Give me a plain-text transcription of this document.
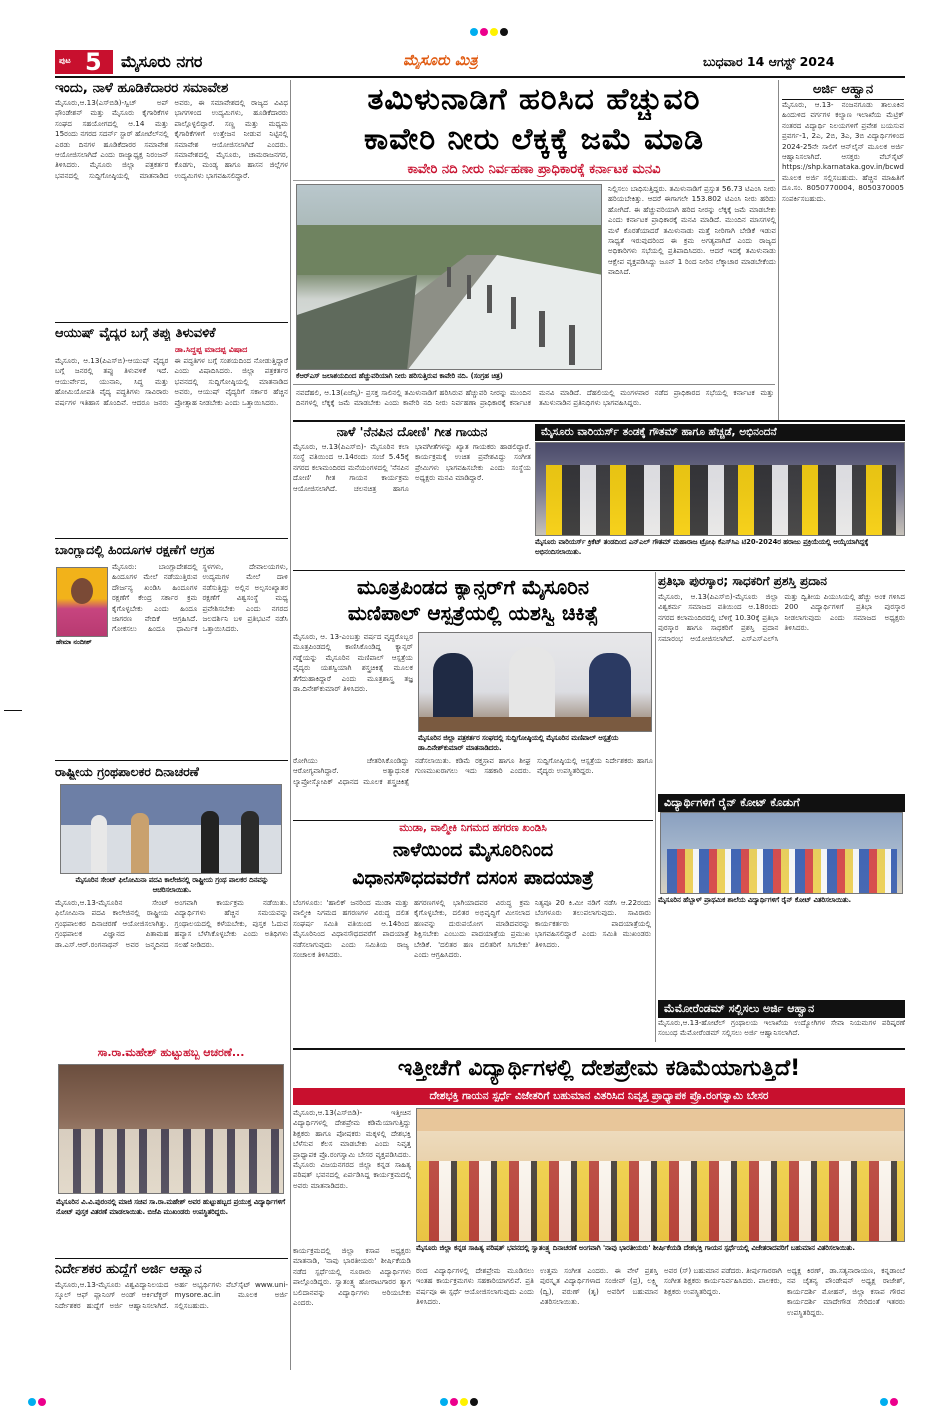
ಪುಟ 5 ಮೈಸೂರು ನಗರ	ಮೈಸೂರು ಮಿತ್ರ	ಬುಧವಾರ 14 ಆಗಸ್ಟ್ 2024
ತಮಿಳುನಾಡಿಗೆ ಹರಿಸಿದ ಹೆಚ್ಚುವರಿ
ಕಾವೇರಿ ನೀರು ಲೆಕ್ಕಕ್ಕೆ ಜಮೆ ಮಾಡಿ
ಕಾವೇರಿ ನದಿ ನೀರು ನಿರ್ವಹಣಾ ಪ್ರಾಧಿಕಾರಕ್ಕೆ ಕರ್ನಾಟಕ ಮನವಿ
ಕೆಆರ್‌ಎಸ್ ಜಲಾಶಯದಿಂದ ಹೆಚ್ಚುವರಿಯಾಗಿ ನೀರು ಹರಿಸುತ್ತಿರುವ ಕಾವೇರಿ ನದಿ. (ಸಂಗ್ರಹ ಚಿತ್ರ)
ನಿಲ್ಲಿಸಲು ಬಾಧಿಸುತ್ತಿದ್ದರು. ತಮಿಳುನಾಡಿಗೆ ಪ್ರಸ್ತುತ 56.73 ಟಿಎಂಸಿ ನೀರು ಹರಿಯಬೇಕಿತ್ತು. ಆದರೆ ಈಗಾಗಲೇ 153.802 ಟಿಎಂಸಿ ನೀರು ಹರಿದು ಹೋಗಿದೆ. ಈ ಹೆಚ್ಚುವರಿಯಾಗಿ ಹರಿದ ನೀರನ್ನು ಲೆಕ್ಕಕ್ಕೆ ಜಮೆ ಮಾಡಬೇಕು ಎಂದು ಕರ್ನಾಟಕ ಪ್ರಾಧಿಕಾರಕ್ಕೆ ಮನವಿ ಮಾಡಿದೆ. ಮುಂದಿನ ಮಾಸಗಳಲ್ಲಿ ಮಳೆ ಕೊರತೆಯಾದರೆ ತಮಿಳುನಾಡು ಮತ್ತೆ ನೀರಿಗಾಗಿ ಬೇಡಿಕೆ ಇಡುವ ಸಾಧ್ಯತೆ ಇರುವುದರಿಂದ ಈ ಕ್ರಮ ಅಗತ್ಯವಾಗಿದೆ ಎಂದು ರಾಜ್ಯದ ಅಧಿಕಾರಿಗಳು ಸಭೆಯಲ್ಲಿ ಪ್ರತಿಪಾದಿಸಿದರು. ಆದರೆ ಇದಕ್ಕೆ ತಮಿಳುನಾಡು ಆಕ್ಷೇಪ ವ್ಯಕ್ತಪಡಿಸಿದ್ದು ಜೂನ್ 1 ರಿಂದ ನೀರಿನ ಲೆಕ್ಕಾಚಾರ ಮಾಡಬೇಕೆಂದು ವಾದಿಸಿದೆ.
ನವದೆಹಲಿ, ಆ.13(ಏಜೆನ್ಸಿ)- ಪ್ರಸಕ್ತ ಸಾಲಿನಲ್ಲಿ ತಮಿಳುನಾಡಿಗೆ ಹರಿಸಿರುವ ಹೆಚ್ಚುವರಿ ನೀರನ್ನು ಮುಂದಿನ ದಿನಗಳಲ್ಲಿ ಲೆಕ್ಕಕ್ಕೆ ಜಮೆ ಮಾಡಬೇಕು ಎಂದು ಕಾವೇರಿ ನದಿ ನೀರು ನಿರ್ವಹಣಾ ಪ್ರಾಧಿಕಾರಕ್ಕೆ ಕರ್ನಾಟಕ ಮನವಿ ಮಾಡಿದೆ. ದೆಹಲಿಯಲ್ಲಿ ಮಂಗಳವಾರ ನಡೆದ ಪ್ರಾಧಿಕಾರದ ಸಭೆಯಲ್ಲಿ ಕರ್ನಾಟಕ ಮತ್ತು ತಮಿಳುನಾಡಿನ ಪ್ರತಿನಿಧಿಗಳು ಭಾಗವಹಿಸಿದ್ದರು.
ಇಂದು, ನಾಳೆ ಹೂಡಿಕೆದಾರರ ಸಮಾವೇಶ
ಮೈಸೂರು,ಆ.13(ಎಸ್‌ಬಿಡಿ)-ಸ್ವಿಚ್ ಅಪ್ ಫೌಂಡೇಶನ್ ಮತ್ತು ಮೈಸೂರು ಕೈಗಾರಿಕೆಗಳ ಸಂಘದ ಸಹಯೋಗದಲ್ಲಿ ಆ.14 ಮತ್ತು 15ರಂದು ನಗರದ ಸದರ್ನ್ ಸ್ಟಾರ್ ಹೋಟೆಲ್‌ನಲ್ಲಿ ಎರಡು ದಿನಗಳ ಹೂಡಿಕೆದಾರರ ಸಮಾವೇಶ ಆಯೋಜಿಸಲಾಗಿದೆ ಎಂದು ರಾಜ್ಯಾಧ್ಯಕ್ಷ ನಿರಂಜನ್ ತಿಳಿಸಿದರು. ಮೈಸೂರು ಜಿಲ್ಲಾ ಪತ್ರಕರ್ತರ ಭವನದಲ್ಲಿ ಸುದ್ದಿಗೋಷ್ಠಿಯಲ್ಲಿ ಮಾತನಾಡಿದ ಅವರು, ಈ ಸಮಾವೇಶದಲ್ಲಿ ರಾಜ್ಯದ ವಿವಿಧ ಭಾಗಗಳಿಂದ ಉದ್ಯಮಿಗಳು, ಹೂಡಿಕೆದಾರರು ಪಾಲ್ಗೊಳ್ಳಲಿದ್ದಾರೆ. ಸಣ್ಣ ಮತ್ತು ಮಧ್ಯಮ ಕೈಗಾರಿಕೆಗಳಿಗೆ ಉತ್ತೇಜನ ನೀಡುವ ನಿಟ್ಟಿನಲ್ಲಿ ಸಮಾವೇಶ ಆಯೋಜಿಸಲಾಗಿದೆ ಎಂದರು. ಸಮಾವೇಶದಲ್ಲಿ ಮೈಸೂರು, ಚಾಮರಾಜನಗರ, ಕೊಡಗು, ಮಂಡ್ಯ ಹಾಗೂ ಹಾಸನ ಜಿಲ್ಲೆಗಳ ಉದ್ಯಮಿಗಳು ಭಾಗವಹಿಸಲಿದ್ದಾರೆ.
ಆಯುಷ್ ವೈದ್ಯರ ಬಗ್ಗೆ ತಪ್ಪು ತಿಳುವಳಿಕೆ
ಡಾ.ಸಿದ್ದಪ್ಪ ಮಾದಪ್ಪ ವಿಷಾದ
ಮೈಸೂರು, ಆ.13(ಪಿಎಸ್‌ಬಿ)-ಆಯುಷ್ ವೈದ್ಯರ ಬಗ್ಗೆ ಜನರಲ್ಲಿ ತಪ್ಪು ತಿಳುವಳಿಕೆ ಇದೆ. ಆಯುರ್ವೇದ, ಯುನಾನಿ, ಸಿದ್ಧ ಮತ್ತು ಹೋಮಿಯೋಪತಿ ವೈದ್ಯ ಪದ್ಧತಿಗಳು ಸಾವಿರಾರು ವರ್ಷಗಳ ಇತಿಹಾಸ ಹೊಂದಿವೆ. ಆದರೂ ಜನರು ಈ ಪದ್ಧತಿಗಳ ಬಗ್ಗೆ ಸಂಶಯದಿಂದ ನೋಡುತ್ತಿದ್ದಾರೆ ಎಂದು ವಿಷಾದಿಸಿದರು. ಜಿಲ್ಲಾ ಪತ್ರಕರ್ತರ ಭವನದಲ್ಲಿ ಸುದ್ದಿಗೋಷ್ಠಿಯಲ್ಲಿ ಮಾತನಾಡಿದ ಅವರು, ಆಯುಷ್ ವೈದ್ಯರಿಗೆ ಸರ್ಕಾರ ಹೆಚ್ಚಿನ ಪ್ರೋತ್ಸಾಹ ನೀಡಬೇಕು ಎಂದು ಒತ್ತಾಯಿಸಿದರು.
ಬಾಂಗ್ಲಾದಲ್ಲಿ ಹಿಂದೂಗಳ ರಕ್ಷಣೆಗೆ ಆಗ್ರಹ
ಹೇಮಾ ನಂದೀಶ್
ಮೈಸೂರು: ಬಾಂಗ್ಲಾದೇಶದಲ್ಲಿ ಹಿಂದೂಗಳ ಮೇಲೆ ನಡೆಯುತ್ತಿರುವ ದೌರ್ಜನ್ಯ ಖಂಡಿಸಿ ಹಿಂದೂಗಳ ರಕ್ಷಣೆಗೆ ಕೇಂದ್ರ ಸರ್ಕಾರ ಕ್ರಮ ಕೈಗೊಳ್ಳಬೇಕು ಎಂದು ಹಿಂದೂ ಜಾಗರಣ ವೇದಿಕೆ ಆಗ್ರಹಿಸಿದೆ. ಗೋಕಸಲು ಹಿಂದೂ ಧಾರ್ಮಿಕ ಸ್ಥಳಗಳು, ದೇವಾಲಯಗಳು, ಉದ್ಯಮಗಳ ಮೇಲೆ ದಾಳಿ ನಡೆಸುತ್ತಿದ್ದು ಅಲ್ಲಿನ ಅಲ್ಪಸಂಖ್ಯಾತರ ರಕ್ಷಣೆಗೆ ವಿಶ್ವಸಂಸ್ಥೆ ಮಧ್ಯ ಪ್ರವೇಶಿಸಬೇಕು ಎಂದು ನಗರದ ಜಲದರ್ಶಿನಿ ಬಳಿ ಪ್ರತಿಭಟನೆ ನಡೆಸಿ ಒತ್ತಾಯಿಸಿದರು.
ರಾಷ್ಟ್ರೀಯ ಗ್ರಂಥಪಾಲಕರ ದಿನಾಚರಣೆ
ಮೈಸೂರಿನ ಸೇಂಟ್ ಫಿಲೋಮಿನಾ ಪದವಿ ಕಾಲೇಜಿನಲ್ಲಿ ರಾಷ್ಟ್ರೀಯ ಗ್ರಂಥ ಪಾಲಕರ ದಿನವನ್ನು ಆಚರಿಸಲಾಯಿತು.
ಮೈಸೂರು,ಆ.13-ಮೈಸೂರಿನ ಸೇಂಟ್ ಫಿಲೋಮಿನಾ ಪದವಿ ಕಾಲೇಜಿನಲ್ಲಿ ರಾಷ್ಟ್ರೀಯ ಗ್ರಂಥಪಾಲಕರ ದಿನಾಚರಣೆ ಆಯೋಜಿಸಲಾಗಿತ್ತು. ಗ್ರಂಥಪಾಲಕ ವಿಜ್ಞಾನದ ಪಿತಾಮಹ ಡಾ.ಎಸ್.ಆರ್.ರಂಗನಾಥನ್ ಅವರ ಜನ್ಮದಿನದ ಅಂಗವಾಗಿ ಕಾರ್ಯಕ್ರಮ ನಡೆಯಿತು. ವಿದ್ಯಾರ್ಥಿಗಳು ಹೆಚ್ಚಿನ ಸಮಯವನ್ನು ಗ್ರಂಥಾಲಯದಲ್ಲಿ ಕಳೆಯಬೇಕು, ಪುಸ್ತಕ ಓದುವ ಹವ್ಯಾಸ ಬೆಳೆಸಿಕೊಳ್ಳಬೇಕು ಎಂದು ಅತಿಥಿಗಳು ಸಲಹೆ ನೀಡಿದರು.
ಸಾ.ರಾ.ಮಹೇಶ್ ಹುಟ್ಟುಹಬ್ಬ ಆಚರಣೆ...
ಮೈಸೂರಿನ ವಿ.ವಿ.ಪುರಂನಲ್ಲಿ ಮಾಜಿ ಸಚಿವ ಸಾ.ರಾ.ಮಹೇಶ್ ಅವರ ಹುಟ್ಟುಹಬ್ಬದ ಪ್ರಯುಕ್ತ ವಿದ್ಯಾರ್ಥಿಗಳಿಗೆ ನೋಟ್ ಪುಸ್ತಕ ವಿತರಣೆ ಮಾಡಲಾಯಿತು. ಬಿಜೆಪಿ ಮುಖಂಡರು ಉಪಸ್ಥಿತರಿದ್ದರು.
ನಿರ್ದೇಶಕರ ಹುದ್ದೆಗೆ ಅರ್ಜಿ ಆಹ್ವಾನ
ಮೈಸೂರು,ಆ.13-ಮೈಸೂರು ವಿಶ್ವವಿದ್ಯಾನಿಲಯದ ಸ್ಕೂಲ್ ಆಫ್ ಪ್ಲಾನಿಂಗ್ ಅಂಡ್ ಆರ್ಕಿಟೆಕ್ಚರ್ ನಿರ್ದೇಶಕರ ಹುದ್ದೆಗೆ ಅರ್ಜಿ ಆಹ್ವಾನಿಸಲಾಗಿದೆ. ಅರ್ಹ ಅಭ್ಯರ್ಥಿಗಳು ವೆಬ್‌ಸೈಟ್ www.uni-mysore.ac.in ಮೂಲಕ ಅರ್ಜಿ ಸಲ್ಲಿಸಬಹುದು.
ಅರ್ಜಿ ಆಹ್ವಾನ
ಮೈಸೂರು, ಆ.13- ನಂಜನಗೂಡು ತಾಲೂಕಿನ ಹಿಂದುಳಿದ ವರ್ಗಗಳ ಕಲ್ಯಾಣ ಇಲಾಖೆಯ ಮೆಟ್ರಿಕ್ ನಂತರದ ವಿದ್ಯಾರ್ಥಿ ನಿಲಯಗಳಿಗೆ ಪ್ರವೇಶ ಬಯಸುವ ಪ್ರವರ್ಗ-1, 2ಎ, 2ಬಿ, 3ಎ, 3ಬಿ ವಿದ್ಯಾರ್ಥಿಗಳಿಂದ 2024-25ನೇ ಸಾಲಿಗೆ ಆನ್‌ಲೈನ್ ಮೂಲಕ ಅರ್ಜಿ ಆಹ್ವಾನಿಸಲಾಗಿದೆ. ಆಸಕ್ತರು ವೆಬ್‌ಸೈಟ್ https://shp.karnataka.gov.in/bcwd ಮೂಲಕ ಅರ್ಜಿ ಸಲ್ಲಿಸಬಹುದು. ಹೆಚ್ಚಿನ ಮಾಹಿತಿಗೆ ದೂ.ಸಂ. 8050770004, 8050370005 ಸಂಪರ್ಕಿಸಬಹುದು.
ನಾಳೆ 'ನೆನಪಿನ ದೋಣಿ' ಗೀತ ಗಾಯನ
ಮೈಸೂರು, ಆ.13(ಪಿಎಸ್‌ಬಿ)- ಮೈಸೂರಿನ ಕಲಾ ಸಂಸ್ಥೆ ವತಿಯಿಂದ ಆ.14ರಂದು ಸಂಜೆ 5.45ಕ್ಕೆ ನಗರದ ಕಲಾಮಂದಿರದ ಮನೆಯಂಗಳದಲ್ಲಿ 'ನೆನಪಿನ ದೋಣಿ' ಗೀತ ಗಾಯನ ಕಾರ್ಯಕ್ರಮ ಆಯೋಜಿಸಲಾಗಿದೆ. ಚಲನಚಿತ್ರ ಹಾಗೂ ಭಾವಗೀತೆಗಳನ್ನು ಖ್ಯಾತ ಗಾಯಕರು ಹಾಡಲಿದ್ದಾರೆ. ಕಾರ್ಯಕ್ರಮಕ್ಕೆ ಉಚಿತ ಪ್ರವೇಶವಿದ್ದು ಸಂಗೀತ ಪ್ರೇಮಿಗಳು ಭಾಗವಹಿಸಬೇಕು ಎಂದು ಸಂಸ್ಥೆಯ ಅಧ್ಯಕ್ಷರು ಮನವಿ ಮಾಡಿದ್ದಾರೆ.
ಮೈಸೂರು ವಾರಿಯರ್ಸ್ ತಂಡಕ್ಕೆ ಗೌತಮ್ ಹಾಗೂ ಹೆಚ್ಚಡೆ, ಅಭಿನಂದನೆ
ಮೈಸೂರು ವಾರಿಯರ್ಸ್ ಕ್ರಿಕೆಟ್ ತಂಡದಿಂದ ಎನ್‌ಎಲ್ ಗೌತಮ್ ಮಹಾರಾಜ ಟ್ರೋಫಿ ಕೆಎಸ್‌ಸಿಎ ಟಿ20-2024ರ ಹರಾಜು ಪ್ರಕ್ರಿಯೆಯಲ್ಲಿ ಆಯ್ಕೆಯಾಗಿದ್ದಕ್ಕೆ ಅಭಿನಂದಿಸಲಾಯಿತು.
ಮೂತ್ರಪಿಂಡದ ಕ್ಯಾನ್ಸರ್‌ಗೆ ಮೈಸೂರಿನ
ಮಣಿಪಾಲ್ ಆಸ್ಪತ್ರೆಯಲ್ಲಿ ಯಶಸ್ವಿ ಚಿಕಿತ್ಸೆ
ಮೈಸೂರು, ಆ. 13-ಎಂಬತ್ತು ವರ್ಷದ ವೃದ್ಧರೊಬ್ಬರ ಮೂತ್ರಪಿಂಡದಲ್ಲಿ ಕಾಣಿಸಿಕೊಂಡಿದ್ದ ಕ್ಯಾನ್ಸರ್ ಗಡ್ಡೆಯನ್ನು ಮೈಸೂರಿನ ಮಣಿಪಾಲ್ ಆಸ್ಪತ್ರೆಯ ವೈದ್ಯರು ಯಶಸ್ವಿಯಾಗಿ ಶಸ್ತ್ರಚಿಕಿತ್ಸೆ ಮೂಲಕ ತೆಗೆದುಹಾಕಿದ್ದಾರೆ ಎಂದು ಮೂತ್ರಶಾಸ್ತ್ರ ತಜ್ಞ ಡಾ.ದಿನೇಶ್‌ಕುಮಾರ್ ತಿಳಿಸಿದರು.
ಮೈಸೂರಿನ ಜಿಲ್ಲಾ ಪತ್ರಕರ್ತರ ಸಂಘದಲ್ಲಿ ಸುದ್ದಿಗೋಷ್ಠಿಯಲ್ಲಿ ಮೈಸೂರಿನ ಮಣಿಪಾಲ್ ಆಸ್ಪತ್ರೆಯ ಡಾ.ದಿನೇಶ್‌ಕುಮಾರ್ ಮಾತನಾಡಿದರು.
ರೋಗಿಯು ಚೇತರಿಸಿಕೊಂಡಿದ್ದು ಆರೋಗ್ಯವಾಗಿದ್ದಾರೆ. ಅತ್ಯಾಧುನಿಕ ಲ್ಯಾಪ್ರೋಸ್ಕೋಪಿಕ್ ವಿಧಾನದ ಮೂಲಕ ಶಸ್ತ್ರಚಿಕಿತ್ಸೆ ನಡೆಸಲಾಯಿತು. ಕಡಿಮೆ ರಕ್ತಸ್ರಾವ ಹಾಗೂ ಶೀಘ್ರ ಗುಣಮುಖರಾಗಲು ಇದು ಸಹಕಾರಿ ಎಂದರು. ಸುದ್ದಿಗೋಷ್ಠಿಯಲ್ಲಿ ಆಸ್ಪತ್ರೆಯ ನಿರ್ದೇಶಕರು ಹಾಗೂ ವೈದ್ಯರು ಉಪಸ್ಥಿತರಿದ್ದರು.
ಮುಡಾ, ವಾಲ್ಮೀಕಿ ನಿಗಮದ ಹಗರಣ ಖಂಡಿಸಿ
ನಾಳೆಯಿಂದ ಮೈಸೂರಿನಿಂದ
ವಿಧಾನಸೌಧದವರೆಗೆ ದಸಂಸ ಪಾದಯಾತ್ರೆ
ಬೆಂಗಳೂರು: 'ಹಾಲಿಕ್ ಜನರಿಂದ ಮುಡಾ ಮತ್ತು ವಾಲ್ಮೀಕಿ ನಿಗಮದ ಹಗರಣಗಳ ವಿರುದ್ಧ ದಲಿತ ಸಂಘರ್ಷ ಸಮಿತಿ ವತಿಯಿಂದ ಆ.14ರಿಂದ ಮೈಸೂರಿನಿಂದ ವಿಧಾನಸೌಧದವರೆಗೆ ಪಾದಯಾತ್ರೆ ನಡೆಸಲಾಗುವುದು ಎಂದು ಸಮಿತಿಯ ರಾಜ್ಯ ಸಂಚಾಲಕ ತಿಳಿಸಿದರು.
ಹಗರಣಗಳಲ್ಲಿ ಭಾಗಿಯಾದವರ ವಿರುದ್ಧ ಕ್ರಮ ಕೈಗೊಳ್ಳಬೇಕು, ದಲಿತರ ಅಭಿವೃದ್ಧಿಗೆ ಮೀಸಲಾದ ಹಣವನ್ನು ದುರುಪಯೋಗ ಮಾಡಿದವರನ್ನು ಶಿಕ್ಷಿಸಬೇಕು ಎಂಬುದು ಪಾದಯಾತ್ರೆಯ ಪ್ರಮುಖ ಬೇಡಿಕೆ. 'ದಲಿತರ ಹಣ ದಲಿತರಿಗೆ ಸಿಗಬೇಕು' ಎಂದು ಆಗ್ರಹಿಸಿದರು.
ನಿತ್ಯವೂ 20 ಕಿ.ಮೀ ನಡಿಗೆ ನಡೆಸಿ ಆ.22ರಂದು ಬೆಂಗಳೂರು ತಲುಪಲಾಗುವುದು. ಸಾವಿರಾರು ಕಾರ್ಯಕರ್ತರು ಪಾದಯಾತ್ರೆಯಲ್ಲಿ ಭಾಗವಹಿಸಲಿದ್ದಾರೆ ಎಂದು ಸಮಿತಿ ಮುಖಂಡರು ತಿಳಿಸಿದರು.
ಪ್ರತಿಭಾ ಪುರಸ್ಕಾರ; ಸಾಧಕರಿಗೆ ಪ್ರಶಸ್ತಿ ಪ್ರದಾನ
ಮೈಸೂರು, ಆ.13(ಪಿಎಸ್‌ಬಿ)-ಮೈಸೂರು ಜಿಲ್ಲಾ ವಿಶ್ವಕರ್ಮ ಸಮಾಜದ ವತಿಯಿಂದ ಆ.18ರಂದು ನಗರದ ಕಲಾಮಂದಿರದಲ್ಲಿ ಬೆಳಿಗ್ಗೆ 10.30ಕ್ಕೆ ಪ್ರತಿಭಾ ಪುರಸ್ಕಾರ ಹಾಗೂ ಸಾಧಕರಿಗೆ ಪ್ರಶಸ್ತಿ ಪ್ರದಾನ ಸಮಾರಂಭ ಆಯೋಜಿಸಲಾಗಿದೆ. ಎಸ್ಎಸ್ಎಲ್‌ಸಿ ಮತ್ತು ದ್ವಿತೀಯ ಪಿಯುಸಿಯಲ್ಲಿ ಹೆಚ್ಚು ಅಂಕ ಗಳಿಸಿದ 200 ವಿದ್ಯಾರ್ಥಿಗಳಿಗೆ ಪ್ರತಿಭಾ ಪುರಸ್ಕಾರ ನೀಡಲಾಗುವುದು ಎಂದು ಸಮಾಜದ ಅಧ್ಯಕ್ಷರು ತಿಳಿಸಿದರು.
ವಿದ್ಯಾರ್ಥಿಗಳಿಗೆ ರೈನ್ ಕೋಟ್ ಕೊಡುಗೆ
ಮೈಸೂರಿನ ಹೆಬ್ಬಾಳ್ ಪ್ರಾಥಮಿಕ ಶಾಲೆಯ ವಿದ್ಯಾರ್ಥಿಗಳಿಗೆ ರೈನ್ ಕೋಟ್ ವಿತರಿಸಲಾಯಿತು.
ಮೆಮೋರೆಂಡಮ್ ಸಲ್ಲಿಸಲು ಅರ್ಜಿ ಆಹ್ವಾನ
ಮೈಸೂರು,ಆ.13-ಹೋಟೆಲ್ ಗ್ರಂಥಾಲಯ ಇಲಾಖೆಯ ಉದ್ಯೋಗಿಗಳ ಸೇವಾ ನಿಯಮಗಳ ಪರಿಷ್ಕರಣೆ ಸಂಬಂಧ ಮೆಮೋರೆಂಡಮ್ ಸಲ್ಲಿಸಲು ಅರ್ಜಿ ಆಹ್ವಾನಿಸಲಾಗಿದೆ.
ಇತ್ತೀಚೆಗೆ ವಿದ್ಯಾರ್ಥಿಗಳಲ್ಲಿ ದೇಶಪ್ರೇಮ ಕಡಿಮೆಯಾಗುತ್ತಿದೆ!
ದೇಶಭಕ್ತಿ ಗಾಯನ ಸ್ಪರ್ಧೆ ವಿಜೇತರಿಗೆ ಬಹುಮಾನ ವಿತರಿಸಿದ ನಿವೃತ್ತ ಪ್ರಾಧ್ಯಾಪಕ ಪ್ರೊ.ರಂಗಸ್ವಾಮಿ ಬೇಸರ
ಮೈಸೂರು,ಆ.13(ಎಸ್‌ಬಿಡಿ)- ಇತ್ತೀಚಿನ ವಿದ್ಯಾರ್ಥಿಗಳಲ್ಲಿ ದೇಶಪ್ರೇಮ ಕಡಿಮೆಯಾಗುತ್ತಿದ್ದು ಶಿಕ್ಷಕರು ಹಾಗೂ ಪೋಷಕರು ಮಕ್ಕಳಲ್ಲಿ ದೇಶಭಕ್ತಿ ಬೆಳೆಸುವ ಕೆಲಸ ಮಾಡಬೇಕು ಎಂದು ನಿವೃತ್ತ ಪ್ರಾಧ್ಯಾಪಕ ಪ್ರೊ.ರಂಗಸ್ವಾಮಿ ಬೇಸರ ವ್ಯಕ್ತಪಡಿಸಿದರು. ಮೈಸೂರು ವಿಜಯನಗರದ ಜಿಲ್ಲಾ ಕನ್ನಡ ಸಾಹಿತ್ಯ ಪರಿಷತ್ ಭವನದಲ್ಲಿ ಏರ್ಪಡಿಸಿದ್ದ ಕಾರ್ಯಕ್ರಮದಲ್ಲಿ ಅವರು ಮಾತನಾಡಿದರು.
ಮೈಸೂರು ಜಿಲ್ಲಾ ಕನ್ನಡ ಸಾಹಿತ್ಯ ಪರಿಷತ್ ಭವನದಲ್ಲಿ ಸ್ವಾತಂತ್ರ್ಯ ದಿನಾಚರಣೆ ಅಂಗವಾಗಿ 'ನಾವು ಭಾರತೀಯರು' ಶೀರ್ಷಿಕೆಯಡಿ ದೇಶಭಕ್ತಿ ಗಾಯನ ಸ್ಪರ್ಧೆಯಲ್ಲಿ ವಿಜೇತರಾದವರಿಗೆ ಬಹುಮಾನ ವಿತರಿಸಲಾಯಿತು.
ಕಾರ್ಯಕ್ರಮದಲ್ಲಿ ಜಿಲ್ಲಾ ಕಸಾಪ ಅಧ್ಯಕ್ಷರು ಮಾತನಾಡಿ, 'ನಾವು ಭಾರತೀಯರು' ಶೀರ್ಷಿಕೆಯಡಿ ನಡೆದ ಸ್ಪರ್ಧೆಯಲ್ಲಿ ನೂರಾರು ವಿದ್ಯಾರ್ಥಿಗಳು ಪಾಲ್ಗೊಂಡಿದ್ದರು. ಸ್ವಾತಂತ್ರ್ಯ ಹೋರಾಟಗಾರರ ತ್ಯಾಗ ಬಲಿದಾನವನ್ನು ವಿದ್ಯಾರ್ಥಿಗಳು ಅರಿಯಬೇಕು ಎಂದರು.
ರಂದ ವಿದ್ಯಾರ್ಥಿಗಳಲ್ಲಿ ದೇಶಪ್ರೇಮ ಮೂಡಿಸಲು ಇಂತಹ ಕಾರ್ಯಕ್ರಮಗಳು ಸಹಕಾರಿಯಾಗಲಿವೆ. ಪ್ರತಿ ವರ್ಷವೂ ಈ ಸ್ಪರ್ಧೆ ಆಯೋಜಿಸಲಾಗುವುದು ಎಂದು ತಿಳಿಸಿದರು.
ಉತ್ತಮ ಸಂಗೀತ ಎಂದರು. ಈ ವೇಳೆ ಪ್ರಶಸ್ತಿ ಪುರಸ್ಕೃತ ವಿದ್ಯಾರ್ಥಿಗಳಾದ ಸಂಜೀವ್ (ಪ್ರ), ಲಕ್ಷ್ಮಿ (ದ್ವಿ), ವರುಣ್ (ತೃ) ಅವರಿಗೆ ಬಹುಮಾನ ವಿತರಿಸಲಾಯಿತು.
ಅವರ (ಸ್) ಬಹುಮಾನ ಪಡೆದರು. ತೀರ್ಪುಗಾರರಾಗಿ ಸಂಗೀತ ಶಿಕ್ಷಕರು ಕಾರ್ಯನಿರ್ವಹಿಸಿದರು. ಪಾಲಕರು, ಶಿಕ್ಷಕರು ಉಪಸ್ಥಿತರಿದ್ದರು.
ಅಧ್ಯಕ್ಷ ಕಿರಣ್, ಡಾ.ಸತ್ಯನಾರಾಯಣ, ಕನ್ನಡಾಂಬೆ ನವ ಚೈತನ್ಯ ಪೌಂಡೇಷನ್ ಅಧ್ಯಕ್ಷ ರಾಜೇಶ್, ಕಾರ್ಯದರ್ಶಿ ಮೋಹನ್, ಜಿಲ್ಲಾ ಕಸಾಪ ಗೌರವ ಕಾರ್ಯದರ್ಶಿ ಮಾದೇಗೌಡ ಸೇರಿದಂತೆ ಇತರರು ಉಪಸ್ಥಿತರಿದ್ದರು.
